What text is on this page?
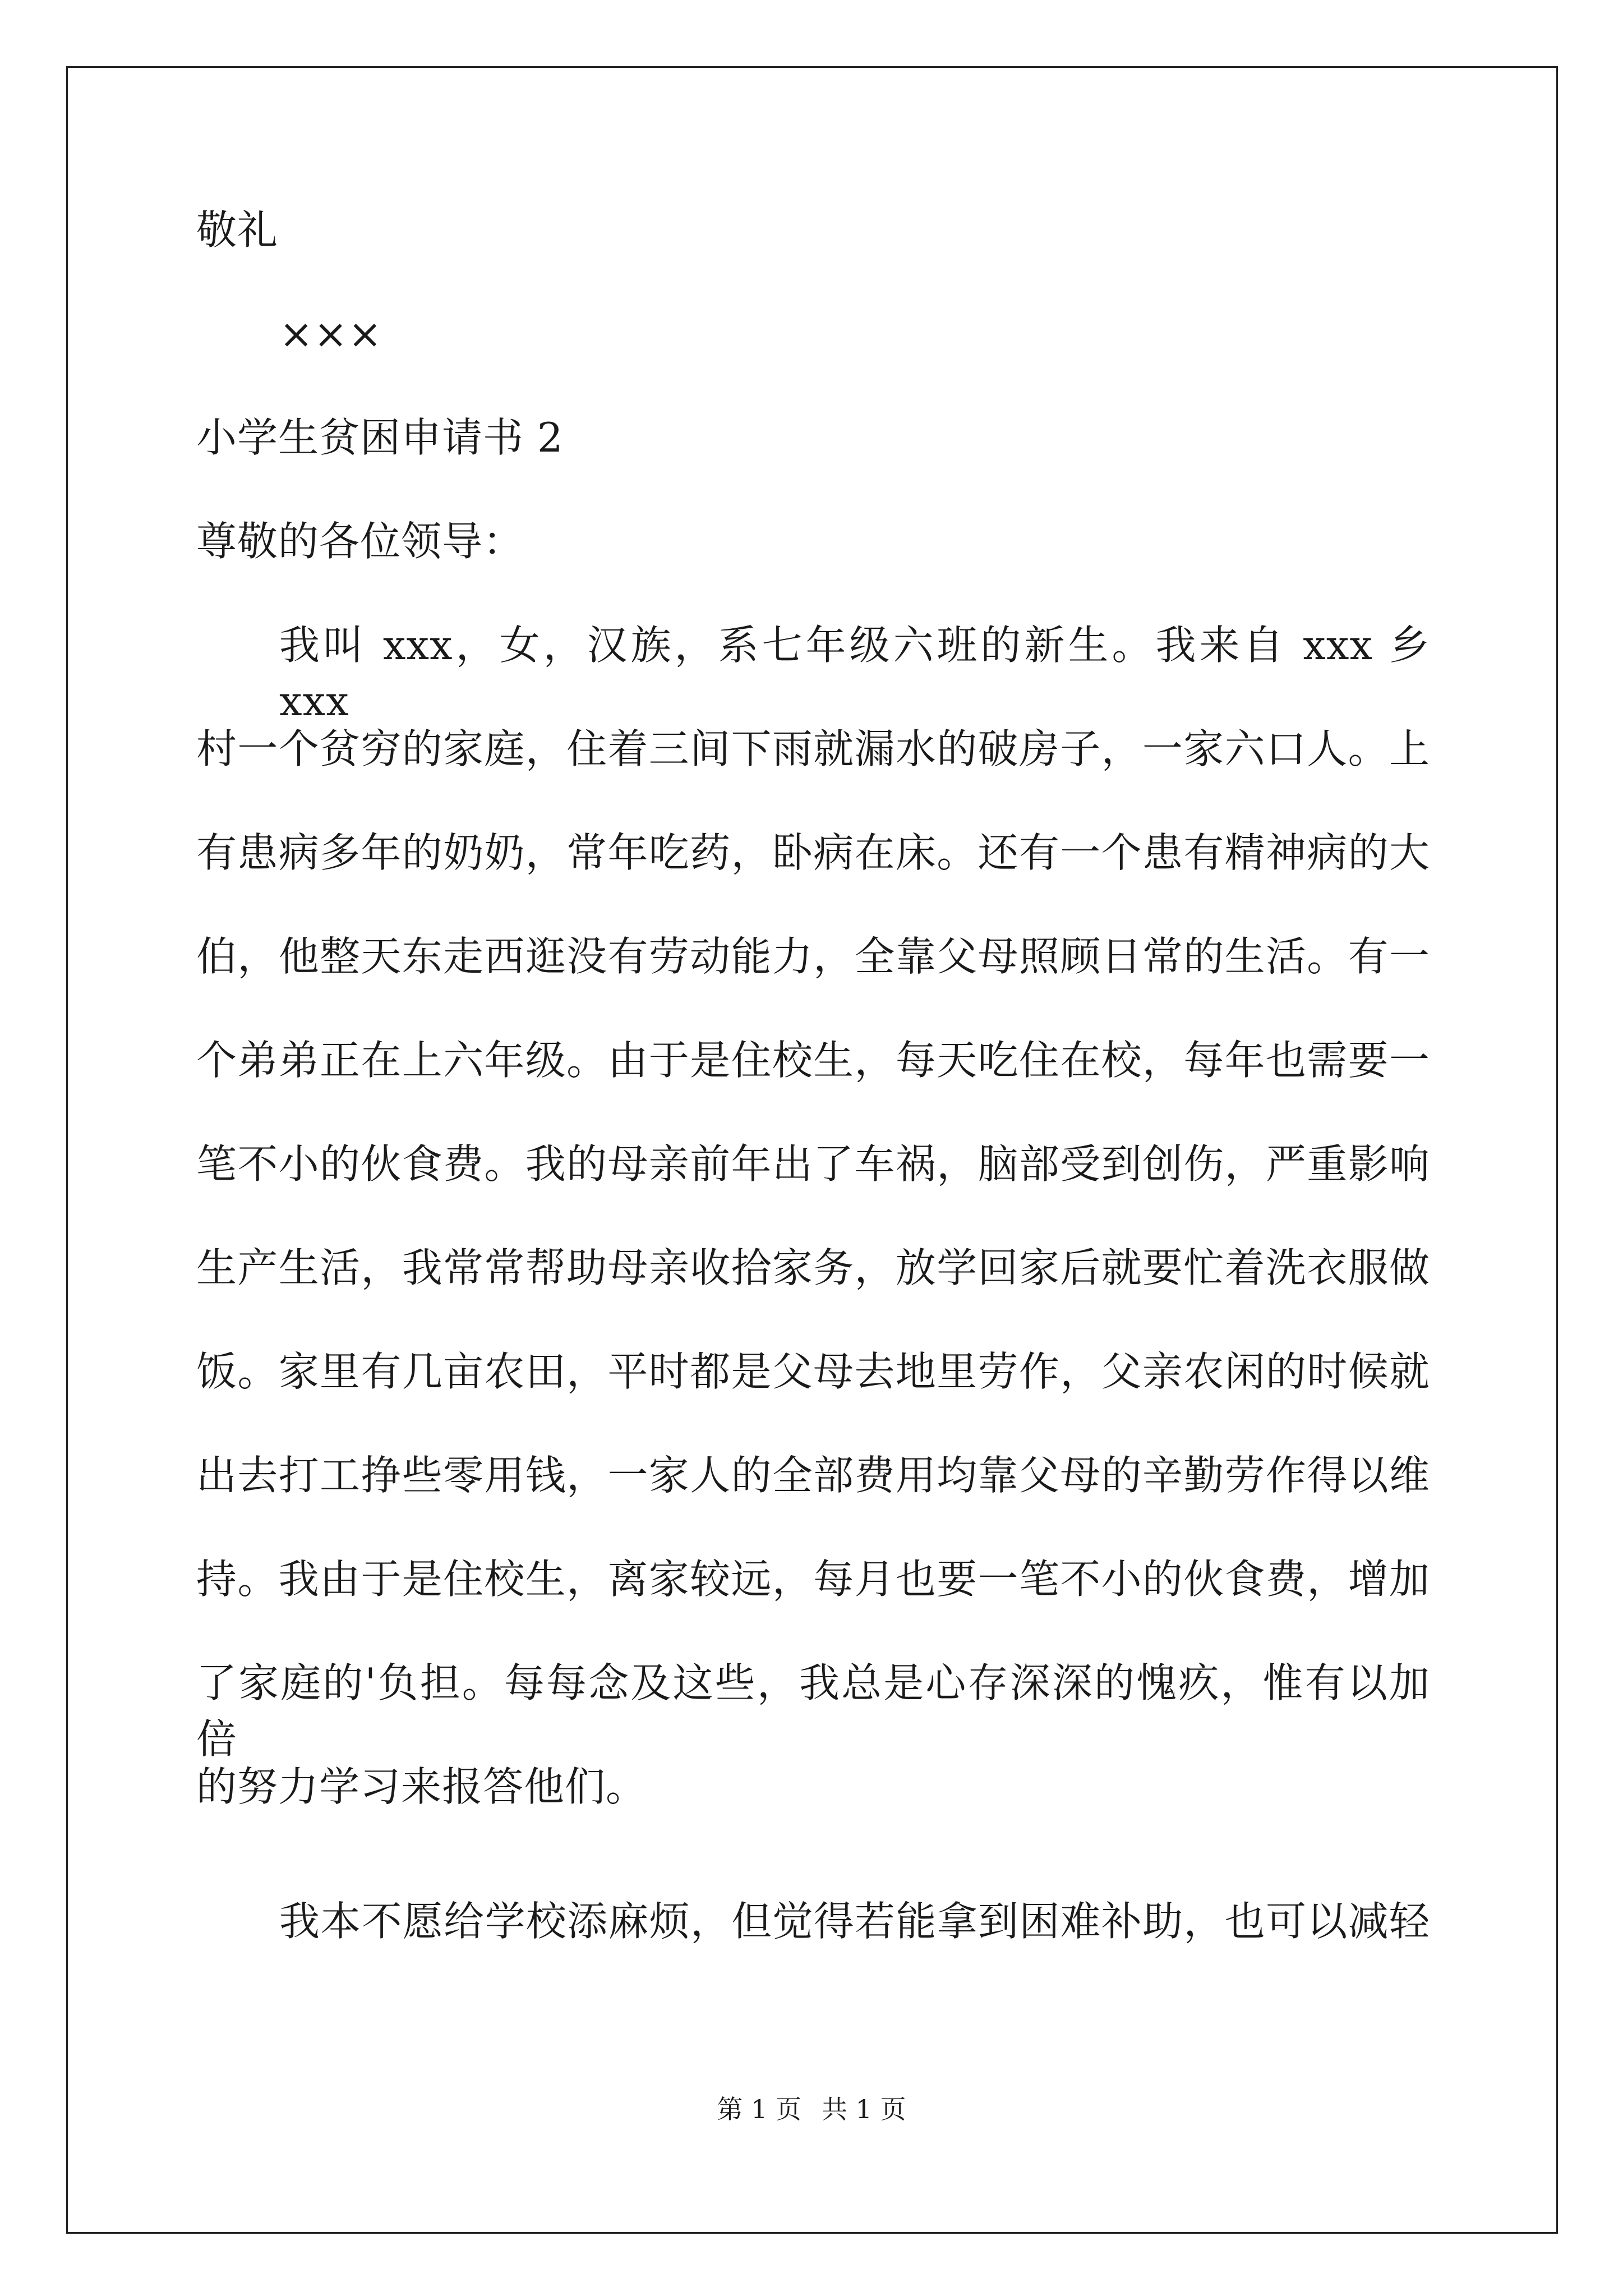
敬礼
×××
小学生贫困申请书 2
尊敬的各位领导：
我叫 xxx，女，汉族，系七年级六班的新生。我来自 xxx 乡 xxx
村一个贫穷的家庭，住着三间下雨就漏水的破房子，一家六口人。上
有患病多年的奶奶，常年吃药，卧病在床。还有一个患有精神病的大
伯，他整天东走西逛没有劳动能力，全靠父母照顾日常的生活。有一
个弟弟正在上六年级。由于是住校生，每天吃住在校，每年也需要一
笔不小的伙食费。我的母亲前年出了车祸，脑部受到创伤，严重影响
生产生活，我常常帮助母亲收拾家务，放学回家后就要忙着洗衣服做
饭。家里有几亩农田，平时都是父母去地里劳作，父亲农闲的时候就
出去打工挣些零用钱，一家人的全部费用均靠父母的辛勤劳作得以维
持。我由于是住校生，离家较远，每月也要一笔不小的伙食费，增加
了家庭的'负担。每每念及这些，我总是心存深深的愧疚，惟有以加倍
的努力学习来报答他们。
我本不愿给学校添麻烦，但觉得若能拿到困难补助，也可以减轻
第 1 页 共 1 页
